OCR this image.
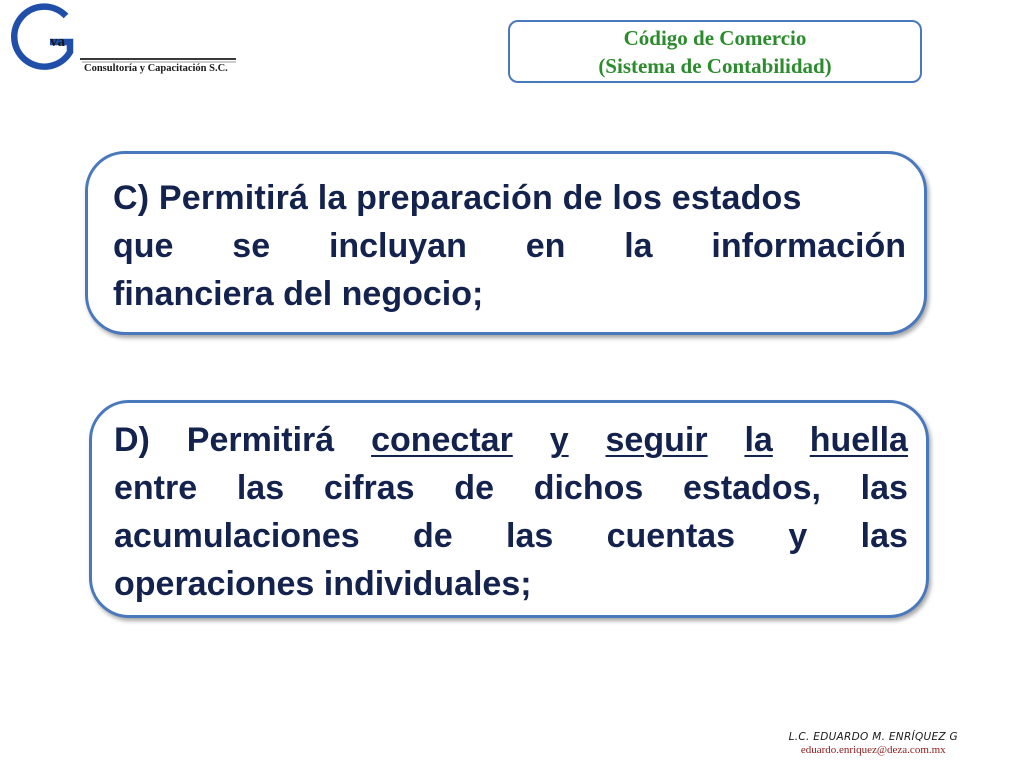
va
Consultoría y Capacitación S.C.
Código de Comercio
(Sistema de Contabilidad)
C) Permitirá la preparación de los estados
que se incluyan en la información
financiera del negocio;
D) Permitirá conectar y seguir la huella
entre las cifras de dichos estados, las
acumulaciones de las cuentas y las
operaciones individuales;
L.C. EDUARDO M. ENRÍQUEZ G
eduardo.enriquez@deza.com.mx
